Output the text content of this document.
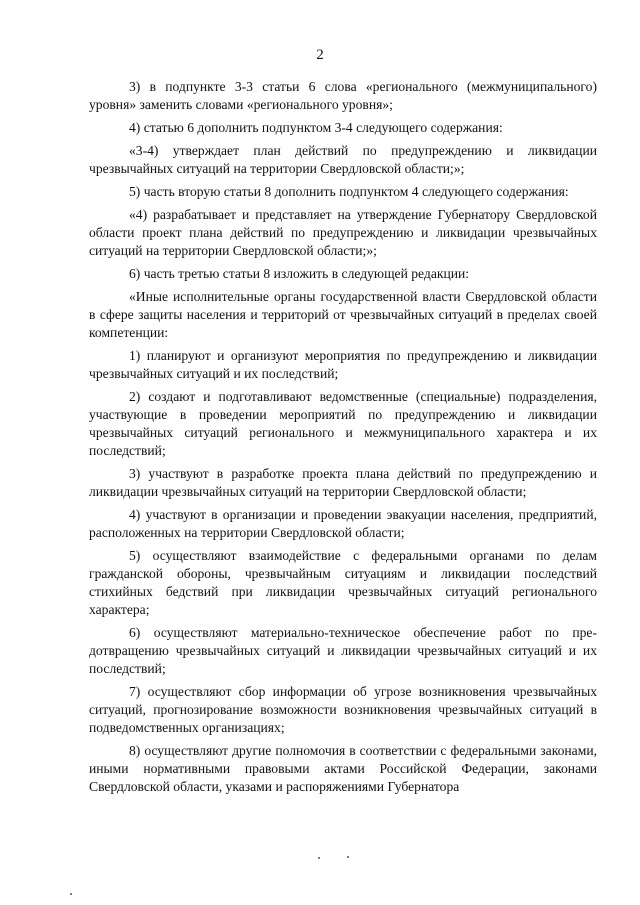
2

3) в подпункте 3-3 статьи 6 слова «регионального (межмуниципального) уровня» заменить словами «регионального уровня»;

4) статью 6 дополнить подпунктом 3-4 следующего содержания:

«3-4) утверждает план действий по предупреждению и ликвидации чрезвычайных ситуаций на территории Свердловской области;»;

5) часть вторую статьи 8 дополнить подпунктом 4 следующего содержания:

«4) разрабатывает и представляет на утверждение Губернатору Свердловской области проект плана действий по предупреждению и ликвидации чрезвычайных ситуаций на территории Свердловской области;»;

6) часть третью статьи 8 изложить в следующей редакции:

«Иные исполнительные органы государственной власти Свердловской области в сфере защиты населения и территорий от чрезвычайных ситуаций в пределах своей компетенции:

1) планируют и организуют мероприятия по предупреждению и ликвидации чрезвычайных ситуаций и их последствий;

2) создают и подготавливают ведомственные (специальные) подразделения, участвующие в проведении мероприятий по предупреждению и ликвидации чрезвычайных ситуаций регионального и межмуниципального характера и их последствий;

3) участвуют в разработке проекта плана действий по предупреждению и ликвидации чрезвычайных ситуаций на территории Свердловской области;

4) участвуют в организации и проведении эвакуации населения, предприятий, расположенных на территории Свердловской области;

5) осуществляют взаимодействие с федеральными органами по делам гражданской обороны, чрезвычайным ситуациям и ликвидации последствий стихийных бедствий при ликвидации чрезвычайных ситуаций регионального характера;

6) осуществляют материально-техническое обеспечение работ по предотвращению чрезвычайных ситуаций и ликвидации чрезвычайных ситуаций и их последствий;

7) осуществляют сбор информации об угрозе возникновения чрезвычайных ситуаций, прогнозирование возможности возникновения чрезвычайных ситуаций в подведомственных организациях;

8) осуществляют другие полномочия в соответствии с федеральными законами, иными нормативными правовыми актами Российской Федерации, законами Свердловской области, указами и распоряжениями Губернатора
